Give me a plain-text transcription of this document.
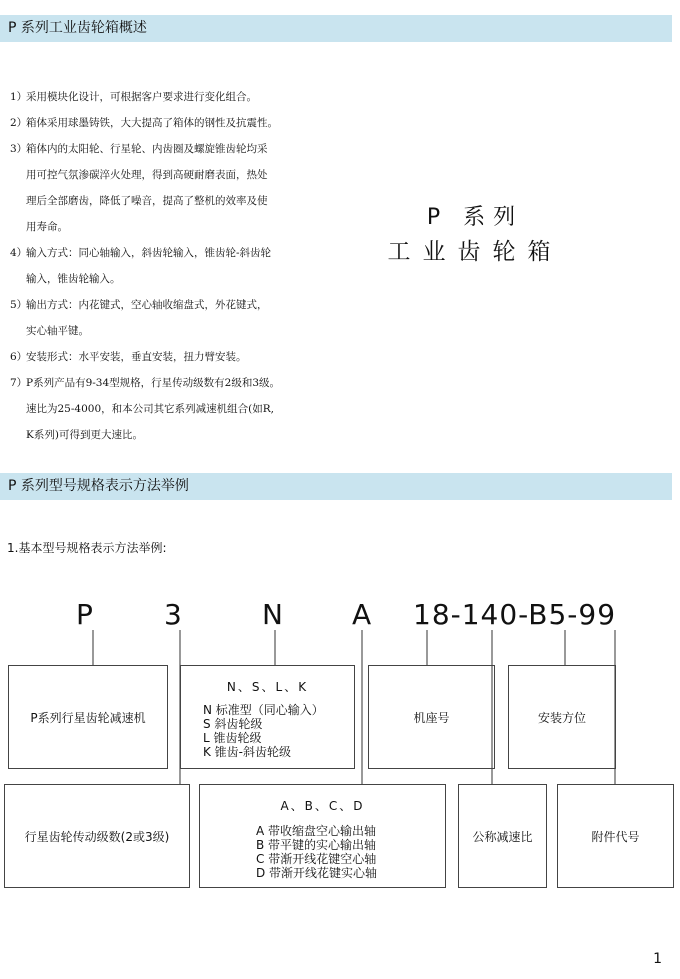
P 系列工业齿轮箱概述
1）采用模块化设计，可根据客户要求进行变化组合。
2）箱体采用球墨铸铁，大大提高了箱体的钢性及抗震性。
3）箱体内的太阳轮、行星轮、内齿圈及螺旋锥齿轮均采
用可控气氛渗碳淬火处理，得到高硬耐磨表面，热处
理后全部磨齿，降低了噪音，提高了整机的效率及使
用寿命。
4）输入方式：同心轴输入，斜齿轮输入，锥齿轮-斜齿轮
输入，锥齿轮输入。
5）输出方式：内花键式，空心轴收缩盘式，外花键式，
实心轴平键。
6）安装形式：水平安装，垂直安装，扭力臂安装。
7）P系列产品有9-34型规格，行星传动级数有2级和3级。
速比为25-4000，和本公司其它系列减速机组合(如R,
K系列)可得到更大速比。
P 系列
工业齿轮箱
P 系列型号规格表示方法举例
1.基本型号规格表示方法举例:
P	3	N A 18-140-B5-99
P系列行星齿轮减速机
N、S、L、K
N 标准型（同心输入）
S 斜齿轮级
L 锥齿轮级
K 锥齿-斜齿轮级
机座号	安装方位
行星齿轮传动级数(2或3级)
A、B、C、D
A 带收缩盘空心输出轴
B 带平键的实心输出轴
C 带渐开线花键空心轴
D 带渐开线花键实心轴
公称减速比	附件代号
1
